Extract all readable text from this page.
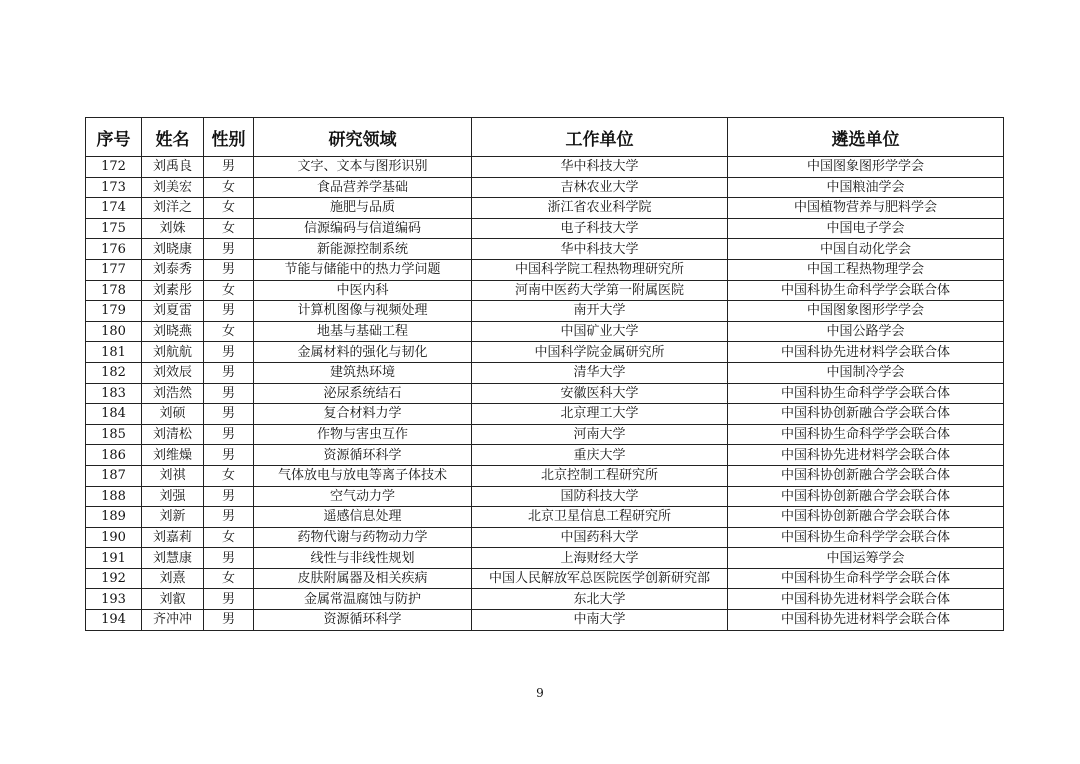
序号	姓名	性别	研究领域	工作单位	遴选单位
172	刘禹良	男	文字、文本与图形识别	华中科技大学	中国图象图形学学会
173	刘美宏	女	食品营养学基础	吉林农业大学	中国粮油学会
174	刘洋之	女	施肥与品质	浙江省农业科学院	中国植物营养与肥料学会
175	刘姝	女	信源编码与信道编码	电子科技大学	中国电子学会
176	刘晓康	男	新能源控制系统	华中科技大学	中国自动化学会
177	刘泰秀	男	节能与储能中的热力学问题	中国科学院工程热物理研究所	中国工程热物理学会
178	刘素彤	女	中医内科	河南中医药大学第一附属医院	中国科协生命科学学会联合体
179	刘夏雷	男	计算机图像与视频处理	南开大学	中国图象图形学学会
180	刘晓燕	女	地基与基础工程	中国矿业大学	中国公路学会
181	刘航航	男	金属材料的强化与韧化	中国科学院金属研究所	中国科协先进材料学会联合体
182	刘效辰	男	建筑热环境	清华大学	中国制冷学会
183	刘浩然	男	泌尿系统结石	安徽医科大学	中国科协生命科学学会联合体
184	刘硕	男	复合材料力学	北京理工大学	中国科协创新融合学会联合体
185	刘清松	男	作物与害虫互作	河南大学	中国科协生命科学学会联合体
186	刘维燥	男	资源循环科学	重庆大学	中国科协先进材料学会联合体
187	刘祺	女	气体放电与放电等离子体技术	北京控制工程研究所	中国科协创新融合学会联合体
188	刘强	男	空气动力学	国防科技大学	中国科协创新融合学会联合体
189	刘新	男	遥感信息处理	北京卫星信息工程研究所	中国科协创新融合学会联合体
190	刘嘉莉	女	药物代谢与药物动力学	中国药科大学	中国科协生命科学学会联合体
191	刘慧康	男	线性与非线性规划	上海财经大学	中国运筹学会
192	刘熹	女	皮肤附属器及相关疾病	中国人民解放军总医院医学创新研究部	中国科协生命科学学会联合体
193	刘叡	男	金属常温腐蚀与防护	东北大学	中国科协先进材料学会联合体
194	齐冲冲	男	资源循环科学	中南大学	中国科协先进材料学会联合体
9
